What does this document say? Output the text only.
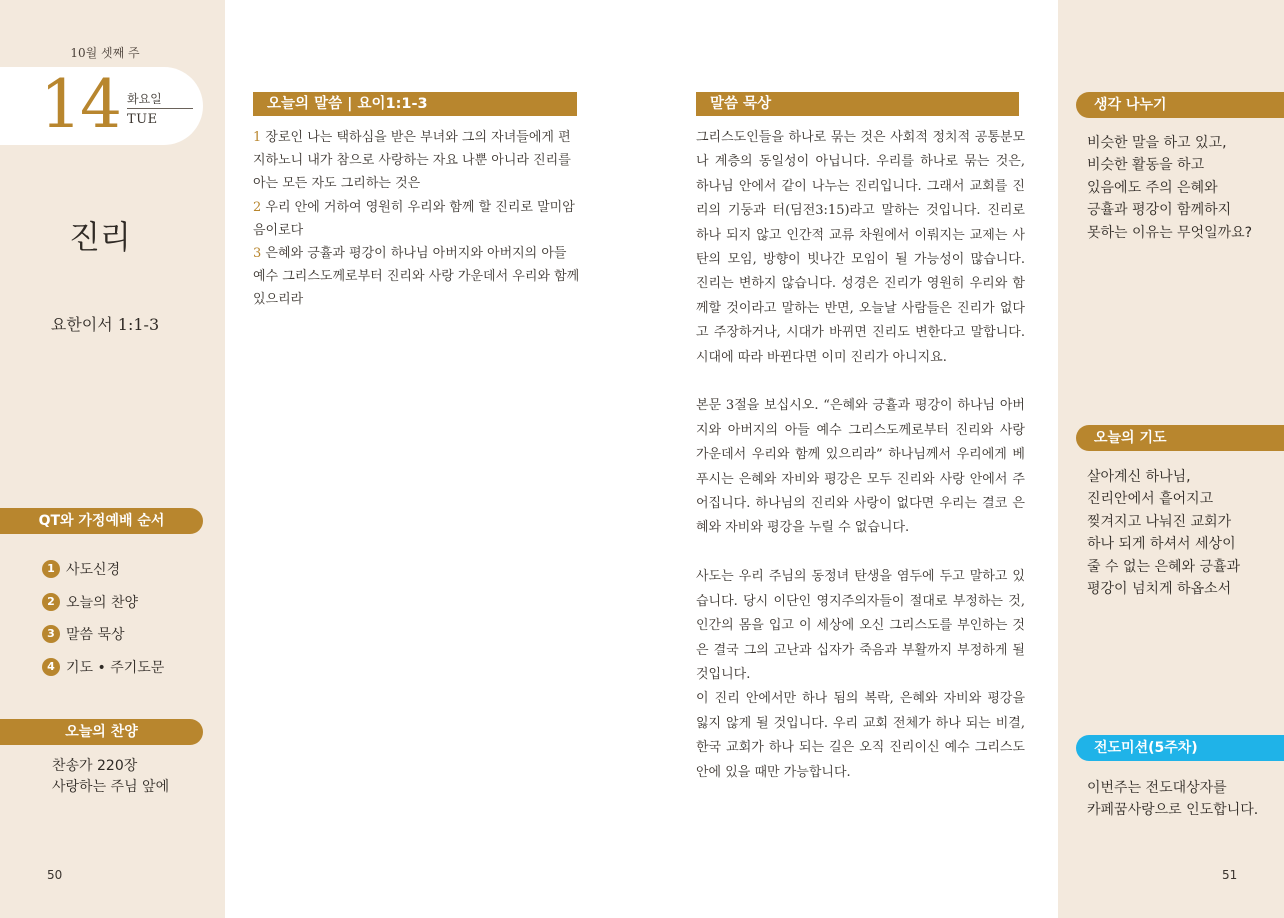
10월 셋째 주
14 화요일
TUE
진리
요한이서 1:1-3
QT와 가정예배 순서
1 사도신경
2 오늘의 찬양
3 말씀 묵상
4 기도 • 주기도문
오늘의 찬양
찬송가 220장
사랑하는 주님 앞에
50
오늘의 말씀 | 요이1:1-3
1 장로인 나는 택하심을 받은 부녀와 그의 자녀들에게 편지하노니 내가 참으로 사랑하는 자요 나뿐 아니라 진리를 아는 모든 자도 그리하는 것은
2 우리 안에 거하여 영원히 우리와 함께 할 진리로 말미암음이로다
3 은혜와 긍휼과 평강이 하나님 아버지와 아버지의 아들 예수 그리스도께로부터 진리와 사랑 가운데서 우리와 함께 있으리라
말씀 묵상

그리스도인들을 하나로 묶는 것은 사회적 정치적 공통분모나 계층의 동일성이 아닙니다. 우리를 하나로 묶는 것은, 하나님 안에서 같이 나누는 진리입니다. 그래서 교회를 진리의 기둥과 터(딤전3:15)라고 말하는 것입니다. 진리로 하나 되지 않고 인간적 교류 차원에서 이뤄지는 교제는 사탄의 모임, 방향이 빗나간 모임이 될 가능성이 많습니다. 진리는 변하지 않습니다. 성경은 진리가 영원히 우리와 함께할 것이라고 말하는 반면, 오늘날 사람들은 진리가 없다고 주장하거나, 시대가 바뀌면 진리도 변한다고 말합니다. 시대에 따라 바뀐다면 이미 진리가 아니지요.

본문 3절을 보십시오. “은혜와 긍휼과 평강이 하나님 아버지와 아버지의 아들 예수 그리스도께로부터 진리와 사랑 가운데서 우리와 함께 있으리라” 하나님께서 우리에게 베푸시는 은혜와 자비와 평강은 모두 진리와 사랑 안에서 주어집니다. 하나님의 진리와 사랑이 없다면 우리는 결코 은혜와 자비와 평강을 누릴 수 없습니다.

사도는 우리 주님의 동정녀 탄생을 염두에 두고 말하고 있습니다. 당시 이단인 영지주의자들이 절대로 부정하는 것, 인간의 몸을 입고 이 세상에 오신 그리스도를 부인하는 것은 결국 그의 고난과 십자가 죽음과 부활까지 부정하게 될 것입니다.

이 진리 안에서만 하나 됨의 복락, 은혜와 자비와 평강을 잃지 않게 될 것입니다. 우리 교회 전체가 하나 되는 비결, 한국 교회가 하나 되는 길은 오직 진리이신 예수 그리스도안에 있을 때만 가능합니다.

생각 나누기
비슷한 말을 하고 있고,
비슷한 활동을 하고
있음에도 주의 은혜와
긍휼과 평강이 함께하지
못하는 이유는 무엇일까요?
오늘의 기도
살아계신 하나님,
진리안에서 흩어지고
찢겨지고 나눠진 교회가
하나 되게 하셔서 세상이
줄 수 없는 은혜와 긍휼과
평강이 넘치게 하옵소서
전도미션(5주차)
이번주는 전도대상자를
카페꿈사랑으로 인도합니다.
51
